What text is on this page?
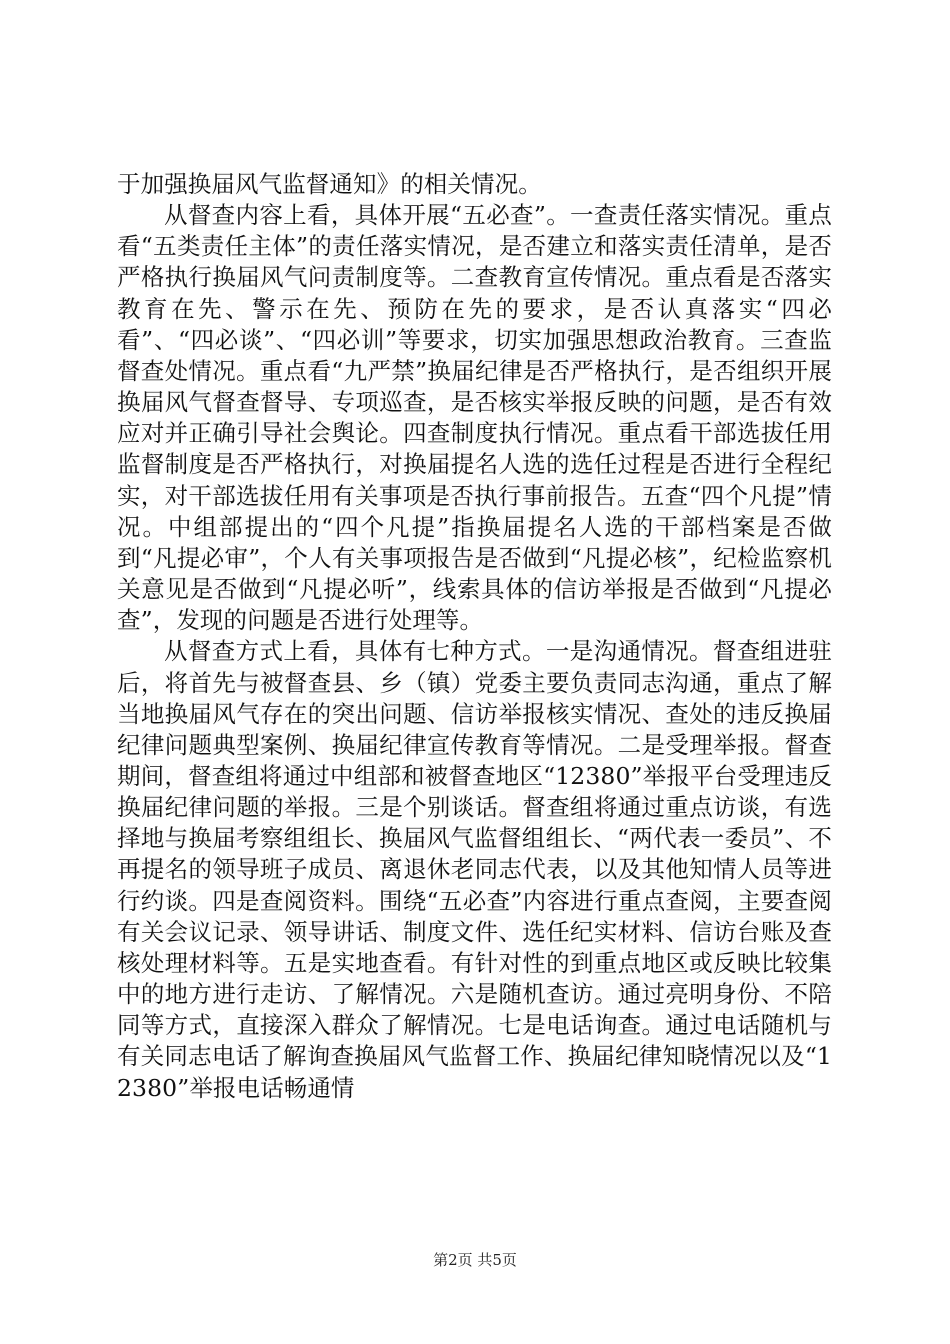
于加强换届风气监督通知》的相关情况。

从督查内容上看，具体开展“五必查”。一查责任落实情况。重点看“五类责任主体”的责任落实情况，是否建立和落实责任清单，是否严格执行换届风气问责制度等。二查教育宣传情况。重点看是否落实教育在先、警示在先、预防在先的要求，是否认真落实“四必看”、“四必谈”、“四必训”等要求，切实加强思想政治教育。三查监督查处情况。重点看“九严禁”换届纪律是否严格执行，是否组织开展换届风气督查督导、专项巡查，是否核实举报反映的问题，是否有效应对并正确引导社会舆论。四查制度执行情况。重点看干部选拔任用监督制度是否严格执行，对换届提名人选的选任过程是否进行全程纪实，对干部选拔任用有关事项是否执行事前报告。五查“四个凡提”情况。中组部提出的“四个凡提”指换届提名人选的干部档案是否做到“凡提必审”，个人有关事项报告是否做到“凡提必核”，纪检监察机关意见是否做到“凡提必听”，线索具体的信访举报是否做到“凡提必查”，发现的问题是否进行处理等。

从督查方式上看，具体有七种方式。一是沟通情况。督查组进驻后，将首先与被督查县、乡（镇）党委主要负责同志沟通，重点了解当地换届风气存在的突出问题、信访举报核实情况、查处的违反换届纪律问题典型案例、换届纪律宣传教育等情况。二是受理举报。督查期间，督查组将通过中组部和被督查地区“12380”举报平台受理违反换届纪律问题的举报。三是个别谈话。督查组将通过重点访谈，有选择地与换届考察组组长、换届风气监督组组长、“两代表一委员”、不再提名的领导班子成员、离退休老同志代表，以及其他知情人员等进行约谈。四是查阅资料。围绕“五必查”内容进行重点查阅，主要查阅有关会议记录、领导讲话、制度文件、选任纪实材料、信访台账及查核处理材料等。五是实地查看。有针对性的到重点地区或反映比较集中的地方进行走访、了解情况。六是随机查访。通过亮明身份、不陪同等方式，直接深入群众了解情况。七是电话询查。通过电话随机与有关同志电话了解询查换届风气监督工作、换届纪律知晓情况以及“12380”举报电话畅通情

第2页 共5页
